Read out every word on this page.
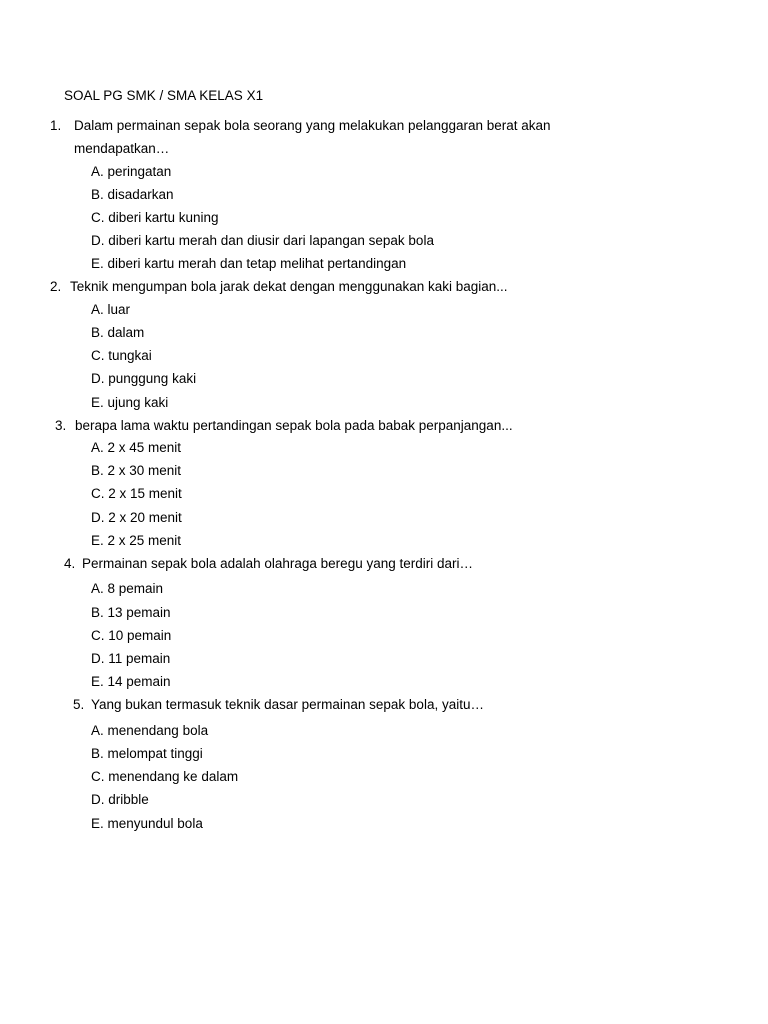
SOAL PG SMK / SMA KELAS X1
1. Dalam permainan sepak bola seorang yang melakukan pelanggaran berat akan
mendapatkan…
A. peringatan
B. disadarkan
C. diberi kartu kuning
D. diberi kartu merah dan diusir dari lapangan sepak bola
E. diberi kartu merah dan tetap melihat pertandingan
2. Teknik mengumpan bola jarak dekat dengan menggunakan kaki bagian...
A. luar
B. dalam
C. tungkai
D. punggung kaki
E. ujung kaki
3. berapa lama waktu pertandingan sepak bola pada babak perpanjangan...
A. 2 x 45 menit
B. 2 x 30 menit
C. 2 x 15 menit
D. 2 x 20 menit
E. 2 x 25 menit
4. Permainan sepak bola adalah olahraga beregu yang terdiri dari…
A. 8 pemain
B. 13 pemain
C. 10 pemain
D. 11 pemain
E. 14 pemain
5. Yang bukan termasuk teknik dasar permainan sepak bola, yaitu…
A. menendang bola
B. melompat tinggi
C. menendang ke dalam
D. dribble
E. menyundul bola
